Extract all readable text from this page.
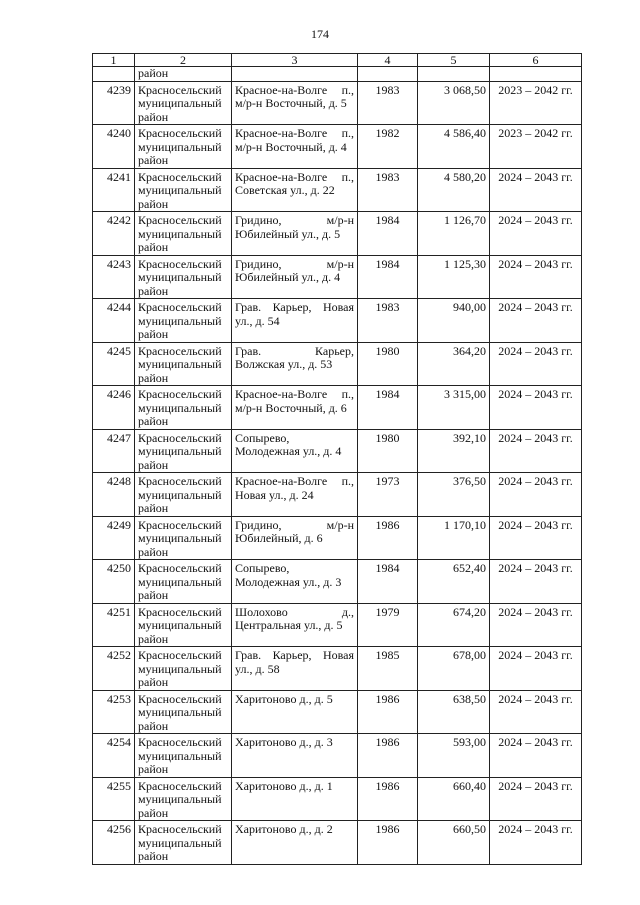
174
1	2	3	4	5	6
	район				
4239	Красносельский муниципальный район	Красное-на-Волге п., м/р-н Восточный, д. 5	1983	3 068,50	2023 – 2042 гг.
4240	Красносельский муниципальный район	Красное-на-Волге п., м/р-н Восточный, д. 4	1982	4 586,40	2023 – 2042 гг.
4241	Красносельский муниципальный район	Красное-на-Волге п., Советская ул., д. 22	1983	4 580,20	2024 – 2043 гг.
4242	Красносельский муниципальный район	Гридино, м/р-н Юбилейный ул., д. 5	1984	1 126,70	2024 – 2043 гг.
4243	Красносельский муниципальный район	Гридино, м/р-н Юбилейный ул., д. 4	1984	1 125,30	2024 – 2043 гг.
4244	Красносельский муниципальный район	Грав. Карьер, Новая ул., д. 54	1983	940,00	2024 – 2043 гг.
4245	Красносельский муниципальный район	Грав. Карьер, Волжская ул., д. 53	1980	364,20	2024 – 2043 гг.
4246	Красносельский муниципальный район	Красное-на-Волге п., м/р-н Восточный, д. 6	1984	3 315,00	2024 – 2043 гг.
4247	Красносельский муниципальный район	Сопырево, Молодежная ул., д. 4	1980	392,10	2024 – 2043 гг.
4248	Красносельский муниципальный район	Красное-на-Волге п., Новая ул., д. 24	1973	376,50	2024 – 2043 гг.
4249	Красносельский муниципальный район	Гридино, м/р-н Юбилейный, д. 6	1986	1 170,10	2024 – 2043 гг.
4250	Красносельский муниципальный район	Сопырево, Молодежная ул., д. 3	1984	652,40	2024 – 2043 гг.
4251	Красносельский муниципальный район	Шолохово д., Центральная ул., д. 5	1979	674,20	2024 – 2043 гг.
4252	Красносельский муниципальный район	Грав. Карьер, Новая ул., д. 58	1985	678,00	2024 – 2043 гг.
4253	Красносельский муниципальный район	Харитоново д., д. 5	1986	638,50	2024 – 2043 гг.
4254	Красносельский муниципальный район	Харитоново д., д. 3	1986	593,00	2024 – 2043 гг.
4255	Красносельский муниципальный район	Харитоново д., д. 1	1986	660,40	2024 – 2043 гг.
4256	Красносельский муниципальный район	Харитоново д., д. 2	1986	660,50	2024 – 2043 гг.
